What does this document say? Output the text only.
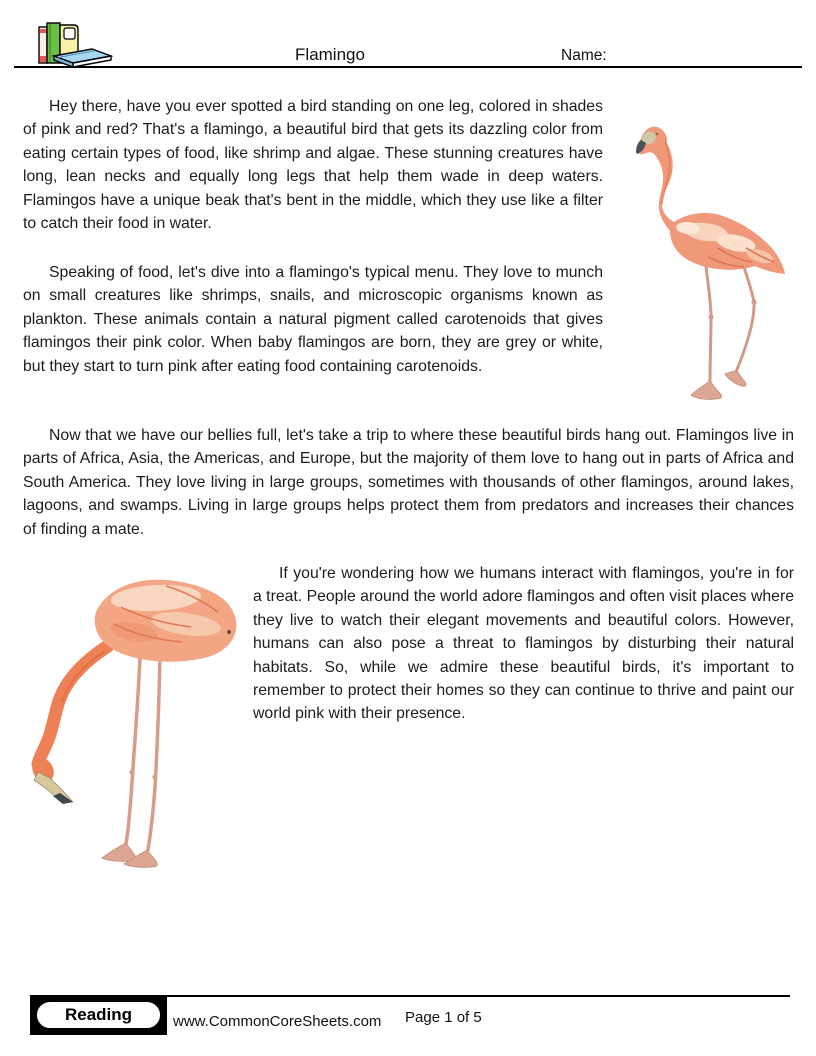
Flamingo	Name:
Hey there, have you ever spotted a bird standing on one leg, colored in shades of pink and red? That's a flamingo, a beautiful bird that gets its dazzling color from eating certain types of food, like shrimp and algae. These stunning creatures have long, lean necks and equally long legs that help them wade in deep waters. Flamingos have a unique beak that's bent in the middle, which they use like a filter to catch their food in water.
Speaking of food, let's dive into a flamingo's typical menu. They love to munch on small creatures like shrimps, snails, and microscopic organisms known as plankton. These animals contain a natural pigment called carotenoids that gives flamingos their pink color. When baby flamingos are born, they are grey or white, but they start to turn pink after eating food containing carotenoids.
Now that we have our bellies full, let's take a trip to where these beautiful birds hang out. Flamingos live in parts of Africa, Asia, the Americas, and Europe, but the majority of them love to hang out in parts of Africa and South America. They love living in large groups, sometimes with thousands of other flamingos, around lakes, lagoons, and swamps. Living in large groups helps protect them from predators and increases their chances of finding a mate.
If you're wondering how we humans interact with flamingos, you're in for a treat. People around the world adore flamingos and often visit places where they live to watch their elegant movements and beautiful colors. However, humans can also pose a threat to flamingos by disturbing their natural habitats. So, while we admire these beautiful birds, it's important to remember to protect their homes so they can continue to thrive and paint our world pink with their presence.
Reading	www.CommonCoreSheets.com Page 1 of 5
